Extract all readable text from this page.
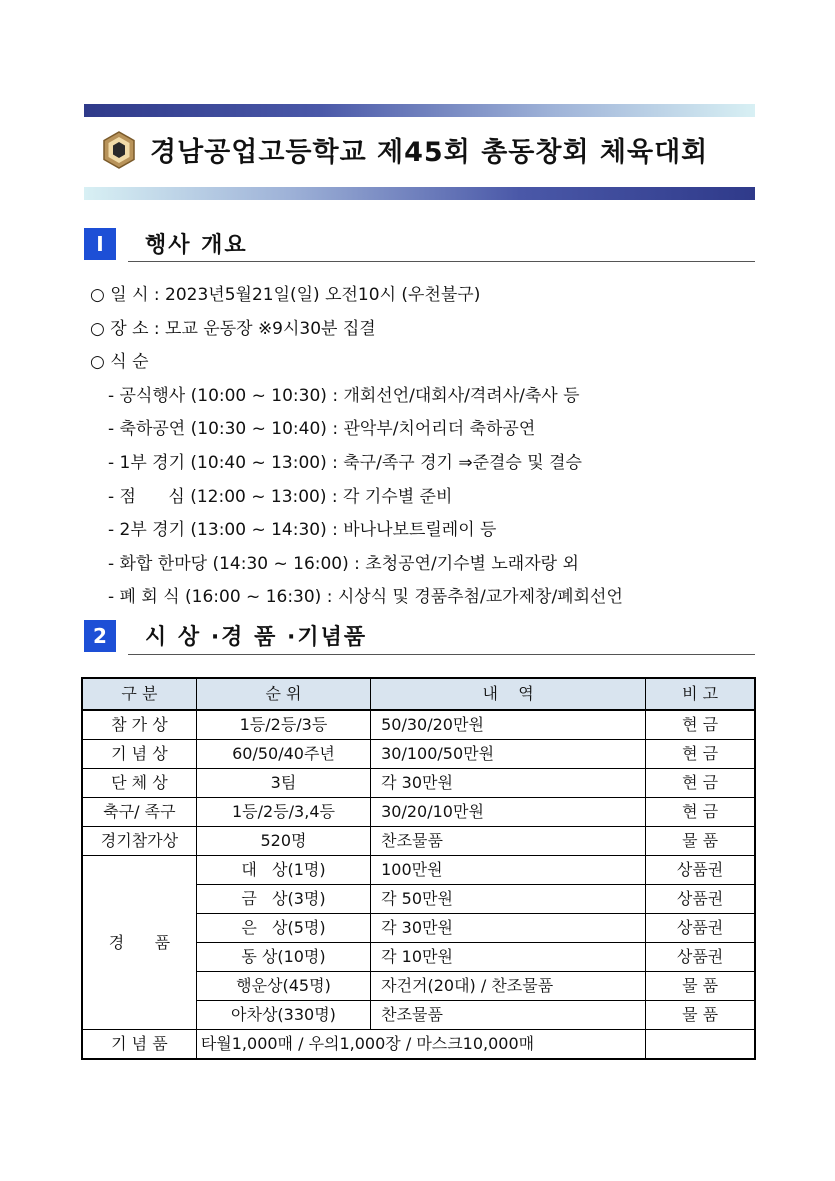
경남공업고등학교 제45회 총동창회 체육대회
Ⅰ	행사 개요
○ 일 시 : 2023년5월21일(일) 오전10시 (우천불구)
○ 장 소 : 모교 운동장 ※9시30분 집결
○ 식 순
- 공식행사 (10:00 ~ 10:30) : 개회선언/대회사/격려사/축사 등
- 축하공연 (10:30 ~ 10:40) : 관악부/치어리더 축하공연
- 1부 경기 (10:40 ~ 13:00) : 축구/족구 경기 ⇒준결승 및 결승
- 점      심 (12:00 ~ 13:00) : 각 기수별 준비
- 2부 경기 (13:00 ~ 14:30) : 바나나보트릴레이 등
- 화합 한마당 (14:30 ~ 16:00) : 초청공연/기수별 노래자랑 외
- 폐 회 식 (16:00 ~ 16:30) : 시상식 및 경품추첨/교가제창/폐회선언
2	시 상 ·경 품 ·기념품
구 분	순 위	내    역	비 고
참 가 상	1등/2등/3등	50/30/20만원	현 금
기 념 상	60/50/40주년	30/100/50만원	현 금
단 체 상	3팀	각 30만원	현 금
축구/ 족구	1등/2등/3,4등	30/20/10만원	현 금
경기참가상	520명	찬조물품	물 품
경      품	대   상(1명)	100만원	상품권
	금   상(3명)	각 50만원	상품권
	은   상(5명)	각 30만원	상품권
	동 상(10명)	각 10만원	상품권
	행운상(45명)	자건거(20대) / 찬조물품	물 품
	아차상(330명)	찬조물품	물 품
기 념 품	타월1,000매 / 우의1,000장 / 마스크10,000매		
